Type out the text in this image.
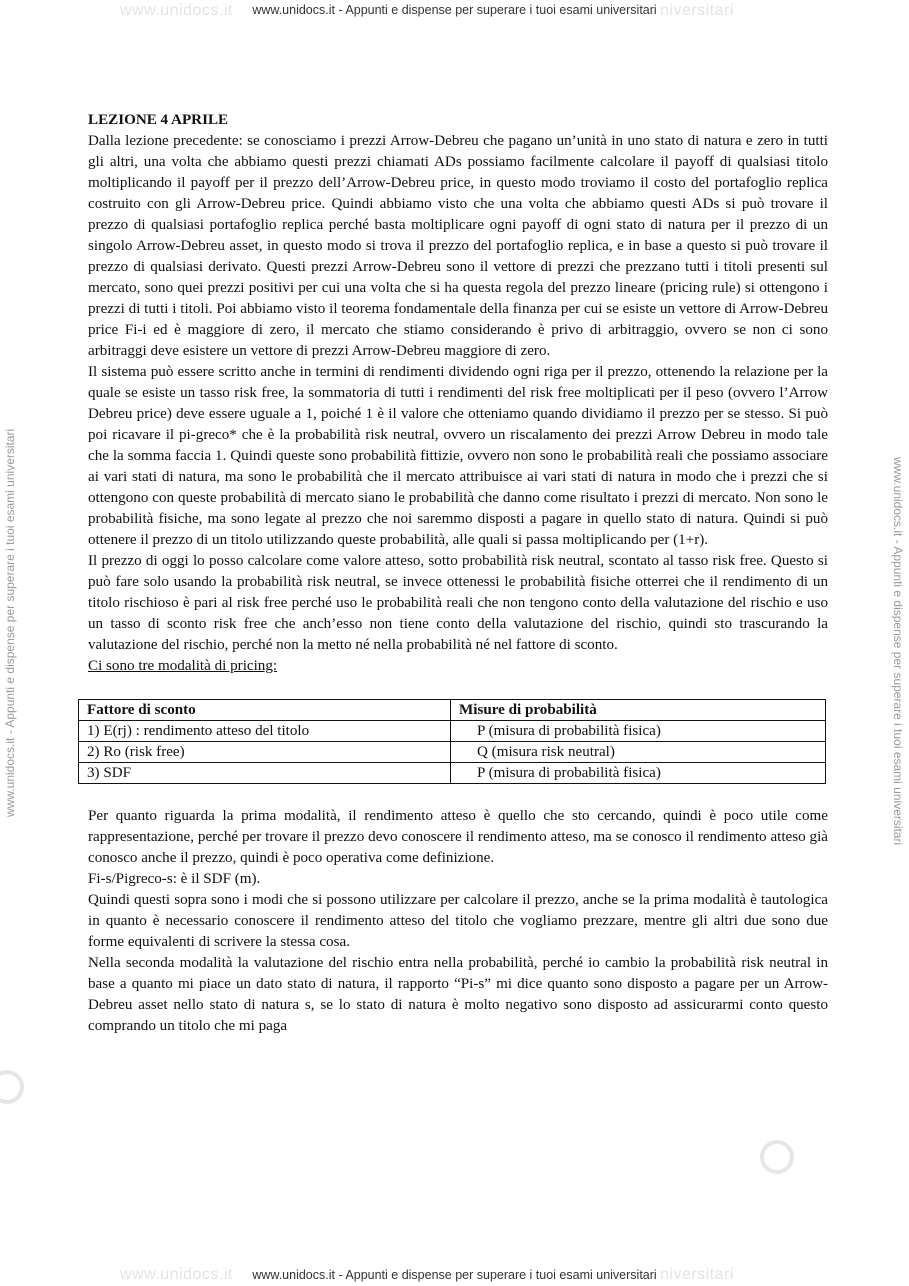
www.unidocs.it	niversitari
www.unidocs.it	niversitari
www.unidocs.it - Appunti e dispense per superare i tuoi esami universitari
www.unidocs.it - Appunti e dispense per superare i tuoi esami universitari	www.unidocs.it - Appunti e dispense per superare i tuoi esami universitari

LEZIONE 4 APRILE

Dalla lezione precedente: se conosciamo i prezzi Arrow-Debreu che pagano un’unità in uno stato di natura e zero in tutti gli altri, una volta che abbiamo questi prezzi chiamati ADs possiamo facilmente calcolare il payoff di qualsiasi titolo moltiplicando il payoff per il prezzo dell’Arrow-Debreu price, in questo modo troviamo il costo del portafoglio replica costruito con gli Arrow-Debreu price. Quindi abbiamo visto che una volta che abbiamo questi ADs si può trovare il prezzo di qualsiasi portafoglio replica perché basta moltiplicare ogni payoff di ogni stato di natura per il prezzo di un singolo Arrow-Debreu asset, in questo modo si trova il prezzo del portafoglio replica, e in base a questo si può trovare il prezzo di qualsiasi derivato. Questi prezzi Arrow-Debreu sono il vettore di prezzi che prezzano tutti i titoli presenti sul mercato, sono quei prezzi positivi per cui una volta che si ha questa regola del prezzo lineare (pricing rule) si ottengono i prezzi di tutti i titoli. Poi abbiamo visto il teorema fondamentale della finanza per cui se esiste un vettore di Arrow-Debreu price Fi-i ed è maggiore di zero, il mercato che stiamo considerando è privo di arbitraggio, ovvero se non ci sono arbitraggi deve esistere un vettore di prezzi Arrow-Debreu maggiore di zero.

Il sistema può essere scritto anche in termini di rendimenti dividendo ogni riga per il prezzo, ottenendo la relazione per la quale se esiste un tasso risk free, la sommatoria di tutti i rendimenti del risk free moltiplicati per il peso (ovvero l’Arrow Debreu price) deve essere uguale a 1, poiché 1 è il valore che otteniamo quando dividiamo il prezzo per se stesso. Si può poi ricavare il pi-greco* che è la probabilità risk neutral, ovvero un riscalamento dei prezzi Arrow Debreu in modo tale che la somma faccia 1. Quindi queste sono probabilità fittizie, ovvero non sono le probabilità reali che possiamo associare ai vari stati di natura, ma sono le probabilità che il mercato attribuisce ai vari stati di natura in modo che i prezzi che si ottengono con queste probabilità di mercato siano le probabilità che danno come risultato i prezzi di mercato. Non sono le probabilità fisiche, ma sono legate al prezzo che noi saremmo disposti a pagare in quello stato di natura. Quindi si può ottenere il prezzo di un titolo utilizzando queste probabilità, alle quali si passa moltiplicando per (1+r).

Il prezzo di oggi lo posso calcolare come valore atteso, sotto probabilità risk neutral, scontato al tasso risk free. Questo si può fare solo usando la probabilità risk neutral, se invece ottenessi le probabilità fisiche otterrei che il rendimento di un titolo rischioso è pari al risk free perché uso le probabilità reali che non tengono conto della valutazione del rischio e uso un tasso di sconto risk free che anch’esso non tiene conto della valutazione del rischio, quindi sto trascurando la valutazione del rischio, perché non la metto né nella probabilità né nel fattore di sconto.

Ci sono tre modalità di pricing:

Fattore di sconto	Misure di probabilità
1) E(rj) : rendimento atteso del titolo	P (misura di probabilità fisica)
2) Ro (risk free)	Q (misura risk neutral)
3) SDF	P (misura di probabilità fisica)

Per quanto riguarda la prima modalità, il rendimento atteso è quello che sto cercando, quindi è poco utile come rappresentazione, perché per trovare il prezzo devo conoscere il rendimento atteso, ma se conosco il rendimento atteso già conosco anche il prezzo, quindi è poco operativa come definizione.

Fi-s/Pigreco-s: è il SDF (m).

Quindi questi sopra sono i modi che si possono utilizzare per calcolare il prezzo, anche se la prima modalità è tautologica in quanto è necessario conoscere il rendimento atteso del titolo che vogliamo prezzare, mentre gli altri due sono due forme equivalenti di scrivere la stessa cosa.

Nella seconda modalità la valutazione del rischio entra nella probabilità, perché io cambio la probabilità risk neutral in base a quanto mi piace un dato stato di natura, il rapporto “Pi-s” mi dice quanto sono disposto a pagare per un Arrow-Debreu asset nello stato di natura s, se lo stato di natura è molto negativo sono disposto ad assicurarmi conto questo comprando un titolo che mi paga

www.unidocs.it - Appunti e dispense per superare i tuoi esami universitari
